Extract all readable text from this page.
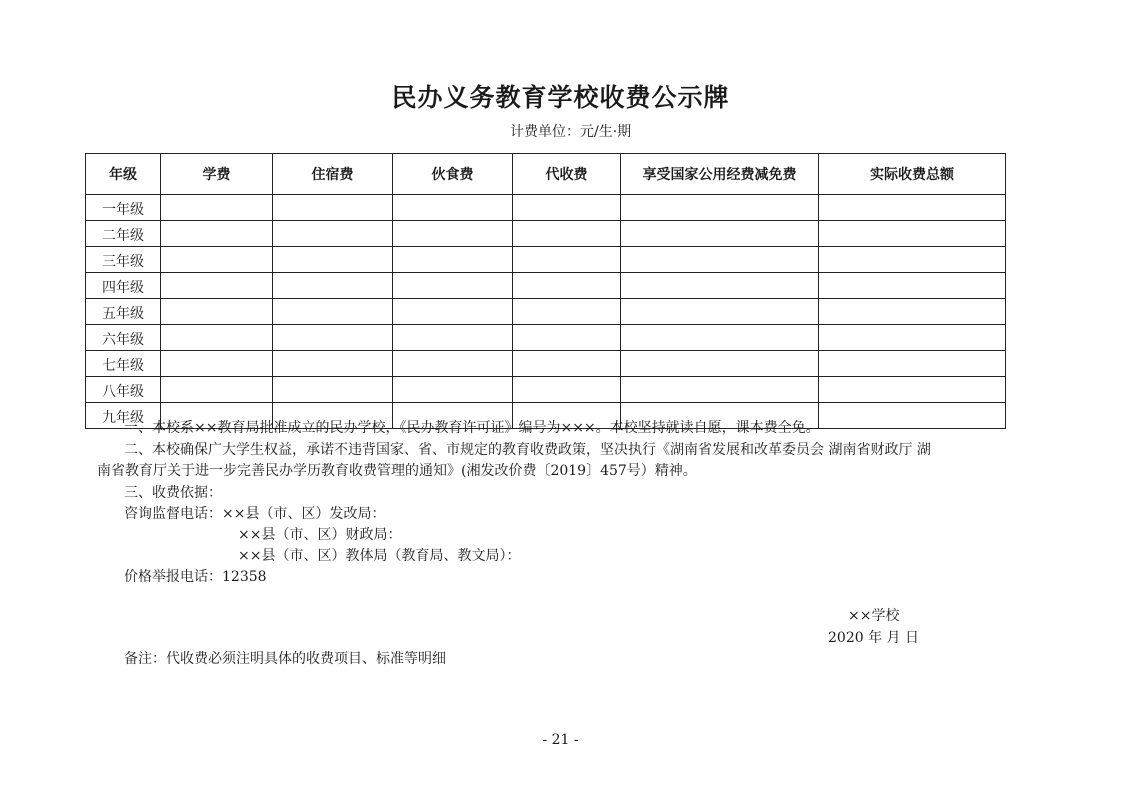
民办义务教育学校收费公示牌
计费单位：元/生·期
年级	学费	住宿费	伙食费	代收费	享受国家公用经费减免费	实际收费总额
一年级						
二年级						
三年级						
四年级						
五年级						
六年级						
七年级						
八年级						
九年级						
一、本校系××教育局批准成立的民办学校，《民办教育许可证》编号为×××。本校坚持就读自愿，课本费全免。
二、本校确保广大学生权益，承诺不违背国家、省、市规定的教育收费政策，坚决执行《湖南省发展和改革委员会 湖南省财政厅 湖
南省教育厅关于进一步完善民办学历教育收费管理的通知》(湘发改价费〔2019〕457号）精神。
三、收费依据：
咨询监督电话：××县（市、区）发改局：
××县（市、区）财政局：
××县（市、区）教体局（教育局、教文局）：
价格举报电话：12358
××学校
2020 年 月 日
备注：代收费必须注明具体的收费项目、标准等明细
- 21 -
